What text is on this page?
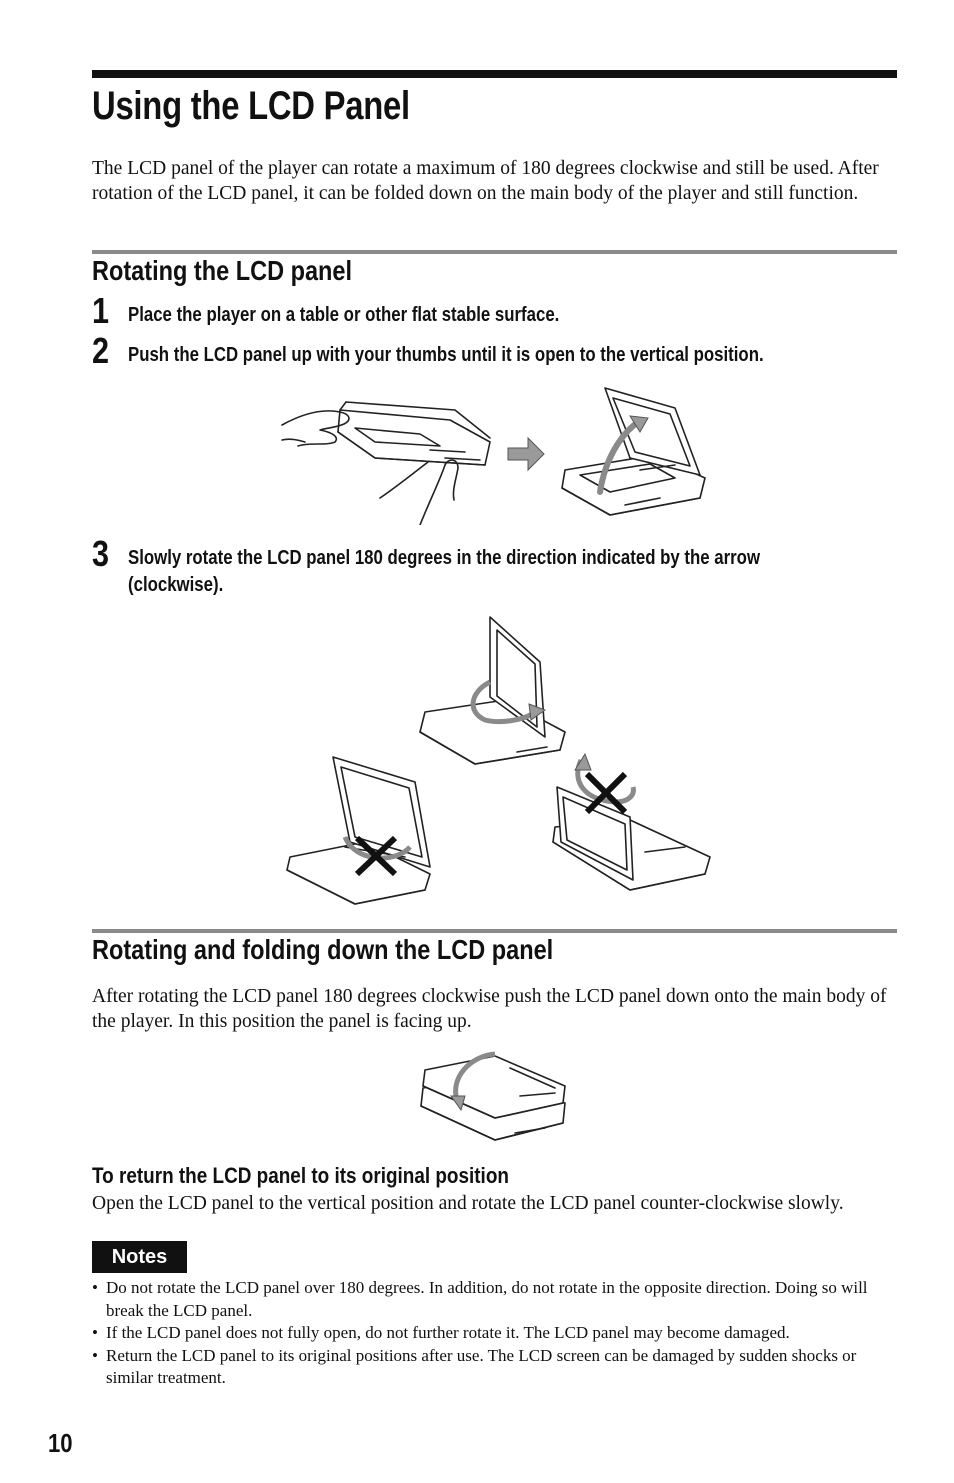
Using the LCD Panel
The LCD panel of the player can rotate a maximum of 180 degrees clockwise and still be used. After rotation of the LCD panel, it can be folded down on the main body of the player and still function.
Rotating the LCD panel
1 Place the player on a table or other flat stable surface.
2 Push the LCD panel up with your thumbs until it is open to the vertical position.
3 Slowly rotate the LCD panel 180 degrees in the direction indicated by the arrow (clockwise).
Rotating and folding down the LCD panel
After rotating the LCD panel 180 degrees clockwise push the LCD panel down onto the main body of the player. In this position the panel is facing up.
To return the LCD panel to its original position
Open the LCD panel to the vertical position and rotate the LCD panel counter-clockwise slowly.
Notes
• Do not rotate the LCD panel over 180 degrees. In addition, do not rotate in the opposite direction. Doing so will break the LCD panel.
• If the LCD panel does not fully open, do not further rotate it. The LCD panel may become damaged.
• Return the LCD panel to its original positions after use. The LCD screen can be damaged by sudden shocks or similar treatment.
10
